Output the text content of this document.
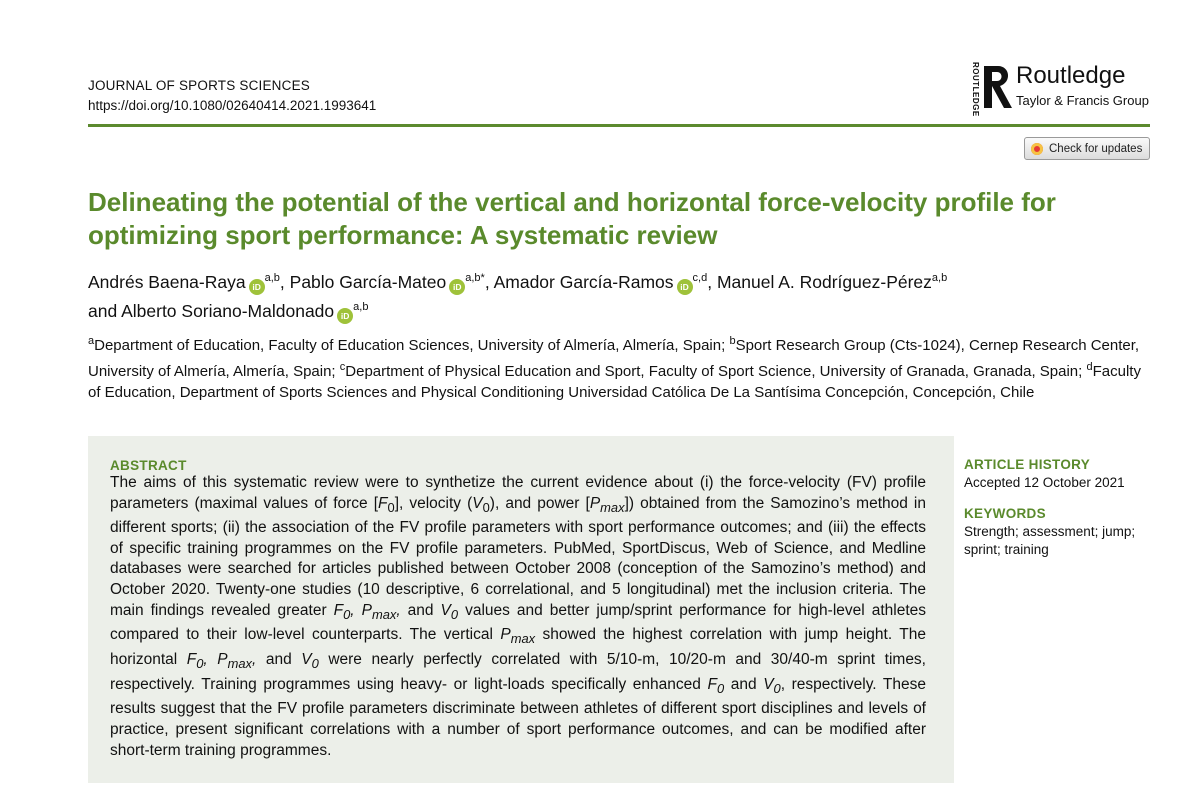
JOURNAL OF SPORTS SCIENCES
https://doi.org/10.1080/02640414.2021.1993641	ROUTLEDGE Routledge
Taylor & Francis Group
Check for updates
Delineating the potential of the vertical and horizontal force-velocity profile for optimizing sport performance: A systematic review
Andrés Baena-Raya iD$^{a,b}$, Pablo García-Mateo $iD^{a,b*}$, Amador García-Ramos iD$^{c,d}$, Manuel A. Rodríguez-Pérez$^{a,b}$
and Alberto Soriano-Maldonado iD$^{a,b}$
$^a$Department of Education, Faculty of Education Sciences, University of Almería, Almería, Spain; $^b$Sport Research Group (Cts-1024), Cernep Research Center, University of Almería, Almería, Spain; $^c$Department of Physical Education and Sport, Faculty of Sport Science, University of Granada, Granada, Spain; $^d$Faculty of Education, Department of Sports Sciences and Physical Conditioning Universidad Católica De La Santísima Concepción, Concepción, Chile
ABSTRACT
The aims of this systematic review were to synthetize the current evidence about (i) the force-velocity (FV) profile parameters (maximal values of force $[F_0]$, velocity $(V_0)$, and power $[P_{max}]$) obtained from the Samozino’s method in different sports; (ii) the association of the FV profile parameters with sport performance outcomes; and (iii) the effects of specific training programmes on the FV profile parameters. PubMed, SportDiscus, Web of Science, and Medline databases were searched for articles published between October 2008 (conception of the Samozino’s method) and October 2020. Twenty-one studies (10 descriptive, 6 correlational, and 5 longitudinal) met the inclusion criteria. The main findings revealed greater $F_0$, $P_{max}$, and $V_0$ values and better jump/sprint performance for high-level athletes compared to their low-level counterparts. The vertical $P_{max}$ showed the highest correlation with jump height. The horizontal $F_0$, $P_{max}$, and $V_0$ were nearly perfectly correlated with 5/10-m, 10/20-m and 30/40-m sprint times, respectively. Training programmes using heavy- or light-loads specifically enhanced $F_0$ and $V_0$, respectively. These results suggest that the FV profile parameters discriminate between athletes of different sport disciplines and levels of practice, present significant correlations with a number of sport performance outcomes, and can be modified after short-term training programmes.
ARTICLE HISTORY
Accepted 12 October 2021
KEYWORDS
Strength; assessment; jump; sprint; training
